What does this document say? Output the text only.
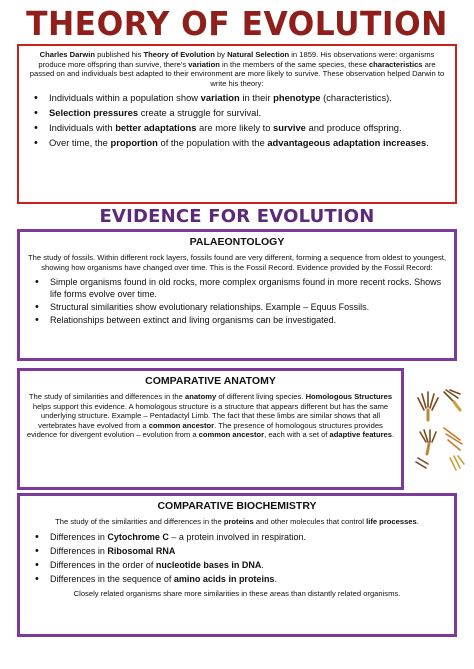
THEORY OF EVOLUTION

Charles Darwin published his Theory of Evolution by Natural Selection in 1859. His observations were: organisms produce more offspring than survive, there's variation in the members of the same species, these characteristics are passed on and individuals best adapted to their environment are more likely to survive. These observation helped Darwin to write his theory:

• Individuals within a population show variation in their phenotype (characteristics).
• Selection pressures create a struggle for survival.
• Individuals with better adaptations are more likely to survive and produce offspring.
• Over time, the proportion of the population with the advantageous adaptation increases.
EVIDENCE FOR EVOLUTION
PALAEONTOLOGY

The study of fossils. Within different rock layers, fossils found are very different, forming a sequence from oldest to youngest, showing how organisms have changed over time. This is the Fossil Record. Evidence provided by the Fossil Record:

• Simple organisms found in old rocks, more complex organisms found in more recent rocks. Shows life forms evolve over time.
• Structural similarities show evolutionary relationships. Example – Equus Fossils.
• Relationships between extinct and living organisms can be investigated.
COMPARATIVE ANATOMY

The study of similarities and differences in the anatomy of different living species. Homologous Structures helps support this evidence. A homologous structure is a structure that appears different but has the same underlying structure. Example – Pentadactyl Limb. The fact that these limbs are similar shows that all vertebrates have evolved from a common ancestor. The presence of homologous structures provides evidence for divergent evolution – evolution from a common ancestor, each with a set of adaptive features.

COMPARATIVE BIOCHEMISTRY

The study of the similarities and differences in the proteins and other molecules that control life processes.

• Differences in Cytochrome C – a protein involved in respiration.
• Differences in Ribosomal RNA
• Differences in the order of nucleotide bases in DNA.
• Differences in the sequence of amino acids in proteins.

Closely related organisms share more similarities in these areas than distantly related organisms.
